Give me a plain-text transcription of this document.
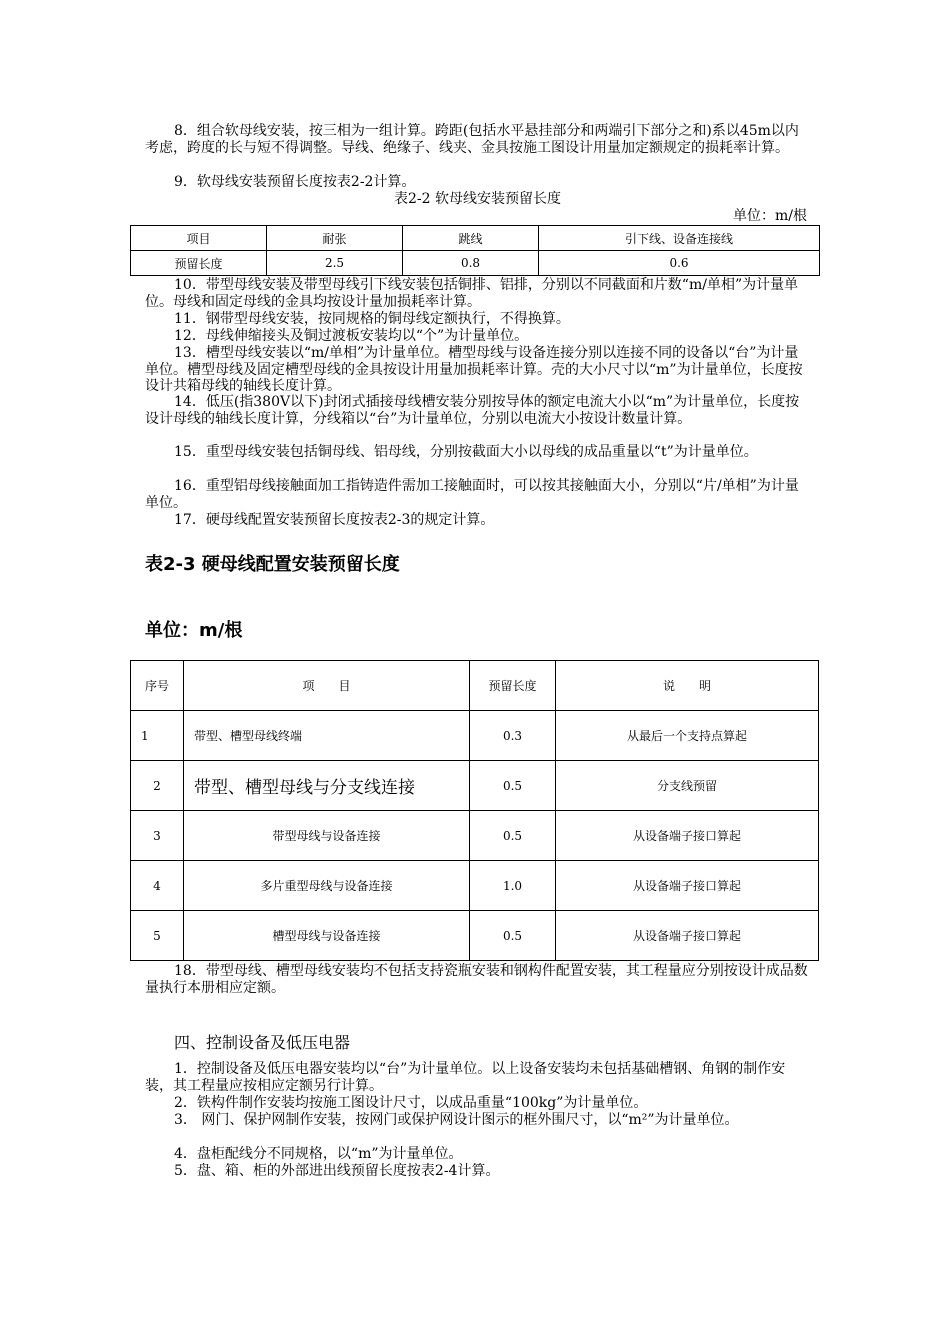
8．组合软母线安装，按三相为一组计算。跨距(包括水平悬挂部分和两端引下部分之和)系以45m以内考虑，跨度的长与短不得调整。导线、绝缘子、线夹、金具按施工图设计用量加定额规定的损耗率计算。

9．软母线安装预留长度按表2-2计算。

表2-2 软母线安装预留长度

单位：m/根

项目	耐张	跳线	引下线、设备连接线
预留长度	2.5	0.8	0.6

10．带型母线安装及带型母线引下线安装包括铜排、铝排，分别以不同截面和片数“m/单相”为计量单位。母线和固定母线的金具均按设计量加损耗率计算。

11．钢带型母线安装，按同规格的铜母线定额执行，不得换算。

12．母线伸缩接头及铜过渡板安装均以“个”为计量单位。

13．槽型母线安装以“m/单相”为计量单位。槽型母线与设备连接分别以连接不同的设备以“台”为计量单位。槽型母线及固定槽型母线的金具按设计用量加损耗率计算。壳的大小尺寸以“m”为计量单位，长度按设计共箱母线的轴线长度计算。

14．低压(指380V以下)封闭式插接母线槽安装分别按导体的额定电流大小以“m”为计量单位，长度按设计母线的轴线长度计算，分线箱以“台”为计量单位，分别以电流大小按设计数量计算。

15．重型母线安装包括铜母线、铝母线，分别按截面大小以母线的成品重量以“t”为计量单位。

16．重型铝母线接触面加工指铸造件需加工接触面时，可以按其接触面大小，分别以“片/单相”为计量单位。

17．硬母线配置安装预留长度按表2-3的规定计算。

表2-3 硬母线配置安装预留长度

单位：m/根

序号	项　　目	预留长度	说　　明
1	带型、槽型母线终端	0.3	从最后一个支持点算起
2	带型、槽型母线与分支线连接	0.5	分支线预留
3	带型母线与设备连接	0.5	从设备端子接口算起
4	多片重型母线与设备连接	1.0	从设备端子接口算起
5	槽型母线与设备连接	0.5	从设备端子接口算起

18．带型母线、槽型母线安装均不包括支持瓷瓶安装和钢构件配置安装，其工程量应分别按设计成品数量执行本册相应定额。

四、控制设备及低压电器

1．控制设备及低压电器安装均以“台”为计量单位。以上设备安装均未包括基础槽钢、角钢的制作安装，其工程量应按相应定额另行计算。

2．铁构件制作安装均按施工图设计尺寸，以成品重量“100kg”为计量单位。

3． 网门、保护网制作安装，按网门或保护网设计图示的框外围尺寸，以“m²”为计量单位。

4．盘柜配线分不同规格，以“m”为计量单位。

5．盘、箱、柜的外部进出线预留长度按表2-4计算。
